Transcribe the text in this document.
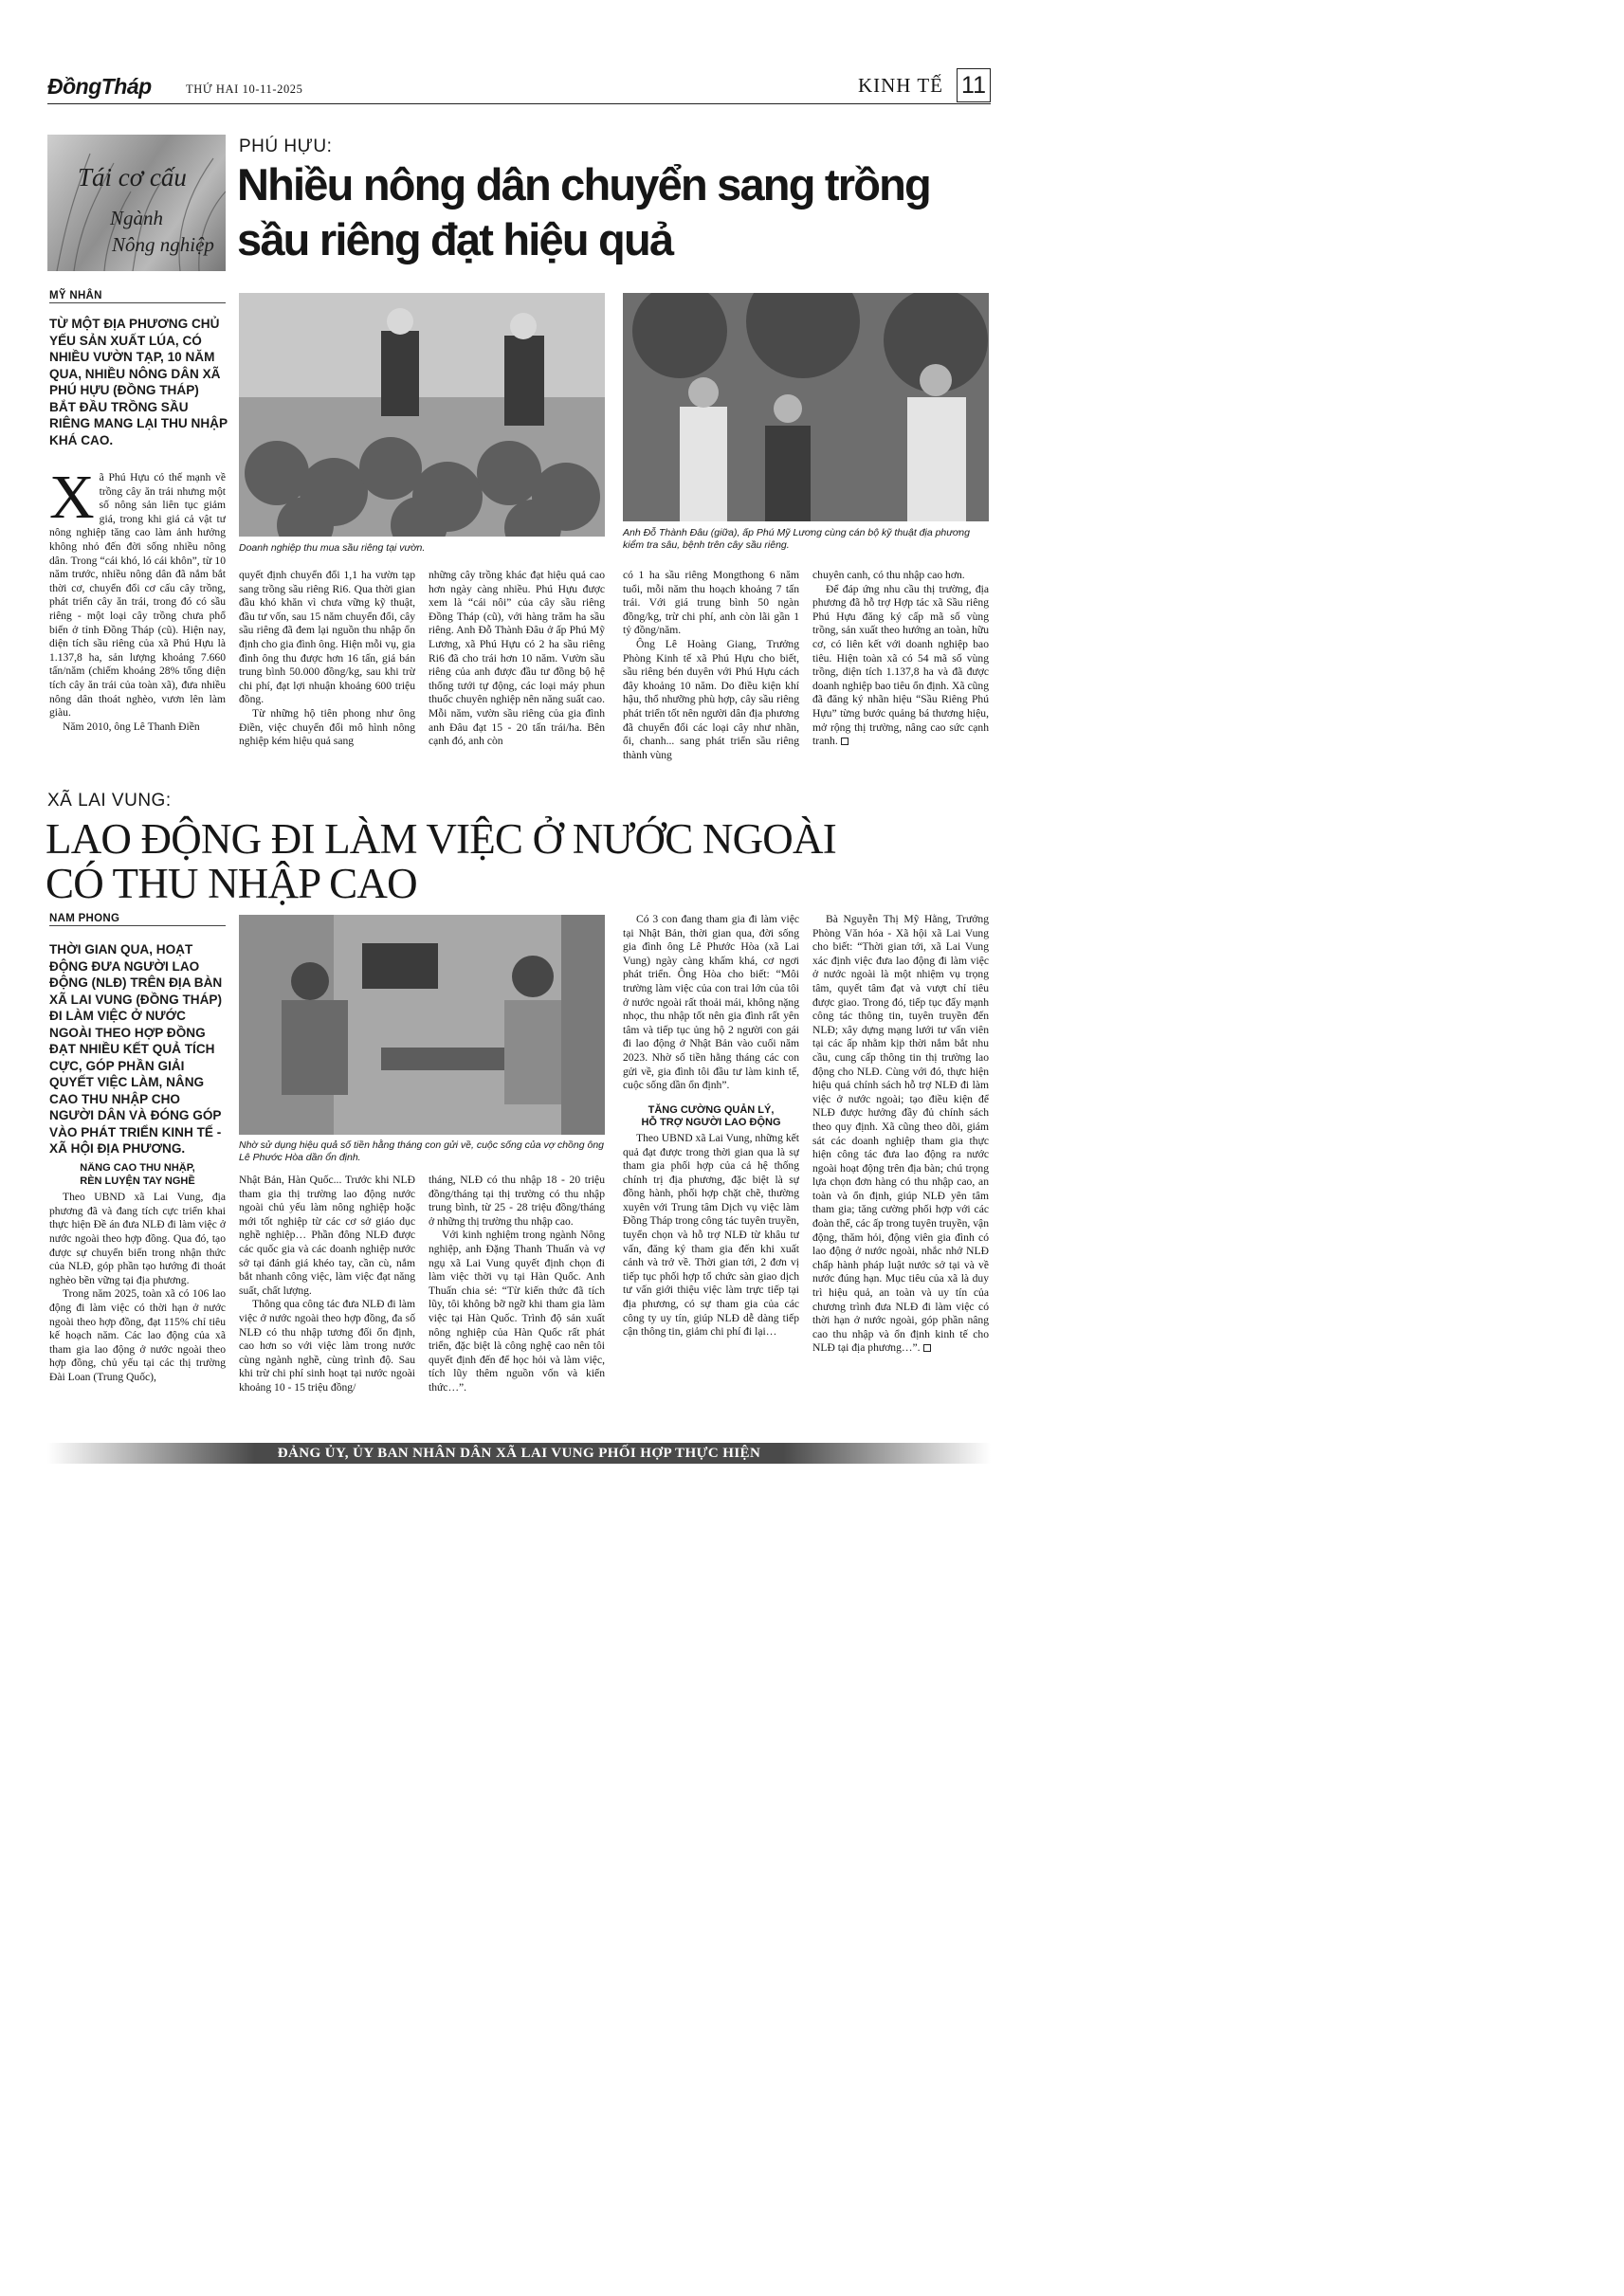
ĐồngTháp	THỨ HAI 10-11-2025	KINH TẾ 11
Tái cơ cấu
Ngành
Nông nghiệp
PHÚ HỰU:
Nhiều nông dân chuyển sang trồng
sầu riêng đạt hiệu quả
MỸ NHÂN
TỪ MỘT ĐỊA PHƯƠNG CHỦ YẾU SẢN XUẤT LÚA, CÓ NHIỀU VƯỜN TẠP, 10 NĂM QUA, NHIỀU NÔNG DÂN XÃ PHÚ HỰU (ĐỒNG THÁP) BẮT ĐẦU TRỒNG SẦU RIÊNG MANG LẠI THU NHẬP KHÁ CAO.
Doanh nghiệp thu mua sầu riêng tại vườn.
Anh Đỗ Thành Đâu (giữa), ấp Phú Mỹ Lương cùng cán bộ kỹ thuật địa phương kiểm tra sâu, bệnh trên cây sầu riêng.

Xã Phú Hựu có thế mạnh về trồng cây ăn trái nhưng một số nông sản liên tục giảm giá, trong khi giá cả vật tư nông nghiệp tăng cao làm ảnh hưởng không nhỏ đến đời sống nhiều nông dân. Trong “cái khó, ló cái khôn”, từ 10 năm trước, nhiều nông dân đã nắm bắt thời cơ, chuyển đổi cơ cấu cây trồng, phát triển cây ăn trái, trong đó có sầu riêng - một loại cây trồng chưa phổ biến ở tỉnh Đồng Tháp (cũ). Hiện nay, diện tích sầu riêng của xã Phú Hựu là 1.137,8 ha, sản lượng khoảng 7.660 tấn/năm (chiếm khoảng 28% tổng diện tích cây ăn trái của toàn xã), đưa nhiều nông dân thoát nghèo, vươn lên làm giàu.

Năm 2010, ông Lê Thanh Điền

quyết định chuyển đổi 1,1 ha vườn tạp sang trồng sầu riêng Ri6. Qua thời gian đầu khó khăn vì chưa vững kỹ thuật, đầu tư vốn, sau 15 năm chuyển đổi, cây sầu riêng đã đem lại nguồn thu nhập ổn định cho gia đình ông. Hiện mỗi vụ, gia đình ông thu được hơn 16 tấn, giá bán trung bình 50.000 đồng/kg, sau khi trừ chi phí, đạt lợi nhuận khoảng 600 triệu đồng.

Từ những hộ tiên phong như ông Điền, việc chuyển đổi mô hình nông nghiệp kém hiệu quả sang

những cây trồng khác đạt hiệu quả cao hơn ngày càng nhiều. Phú Hựu được xem là “cái nôi” của cây sầu riêng Đồng Tháp (cũ), với hàng trăm ha sầu riêng. Anh Đỗ Thành Đâu ở ấp Phú Mỹ Lương, xã Phú Hựu có 2 ha sầu riêng Ri6 đã cho trái hơn 10 năm. Vườn sầu riêng của anh được đầu tư đồng bộ hệ thống tưới tự động, các loại máy phun thuốc chuyên nghiệp nên năng suất cao. Mỗi năm, vườn sầu riêng của gia đình anh Đâu đạt 15 - 20 tấn trái/ha. Bên cạnh đó, anh còn

có 1 ha sầu riêng Mongthong 6 năm tuổi, mỗi năm thu hoạch khoảng 7 tấn trái. Với giá trung bình 50 ngàn đồng/kg, trừ chi phí, anh còn lãi gần 1 tỷ đồng/năm.

Ông Lê Hoàng Giang, Trưởng Phòng Kinh tế xã Phú Hựu cho biết, sầu riêng bén duyên với Phú Hựu cách đây khoảng 10 năm. Do điều kiện khí hậu, thổ nhưỡng phù hợp, cây sầu riêng phát triển tốt nên người dân địa phương đã chuyển đổi các loại cây như nhãn, ổi, chanh... sang phát triển sầu riêng thành vùng

chuyên canh, có thu nhập cao hơn.

Để đáp ứng nhu cầu thị trường, địa phương đã hỗ trợ Hợp tác xã Sầu riêng Phú Hựu đăng ký cấp mã số vùng trồng, sản xuất theo hướng an toàn, hữu cơ, có liên kết với doanh nghiệp bao tiêu. Hiện toàn xã có 54 mã số vùng trồng, diện tích 1.137,8 ha và đã được doanh nghiệp bao tiêu ổn định. Xã cũng đã đăng ký nhãn hiệu “Sầu Riêng Phú Hựu” từng bước quảng bá thương hiệu, mở rộng thị trường, nâng cao sức cạnh tranh.

XÃ LAI VUNG:
LAO ĐỘNG ĐI LÀM VIỆC Ở NƯỚC NGOÀI
CÓ THU NHẬP CAO
NAM PHONG
THỜI GIAN QUA, HOẠT ĐỘNG ĐƯA NGƯỜI LAO ĐỘNG (NLĐ) TRÊN ĐỊA BÀN XÃ LAI VUNG (ĐỒNG THÁP) ĐI LÀM VIỆC Ở NƯỚC NGOÀI THEO HỢP ĐỒNG ĐẠT NHIỀU KẾT QUẢ TÍCH CỰC, GÓP PHẦN GIẢI QUYẾT VIỆC LÀM, NÂNG CAO THU NHẬP CHO NGƯỜI DÂN VÀ ĐÓNG GÓP VÀO PHÁT TRIỂN KINH TẾ - XÃ HỘI ĐỊA PHƯƠNG.	Nhờ sử dụng hiệu quả số tiền hằng tháng con gửi về, cuộc sống của vợ chồng ông Lê Phước Hòa dần ổn định.
NÂNG CAO THU NHẬP,
RÈN LUYỆN TAY NGHỀ

Theo UBND xã Lai Vung, địa phương đã và đang tích cực triển khai thực hiện Đề án đưa NLĐ đi làm việc ở nước ngoài theo hợp đồng. Qua đó, tạo được sự chuyển biến trong nhận thức của NLĐ, góp phần tạo hướng đi thoát nghèo bền vững tại địa phương.

Trong năm 2025, toàn xã có 106 lao động đi làm việc có thời hạn ở nước ngoài theo hợp đồng, đạt 115% chỉ tiêu kế hoạch năm. Các lao động của xã tham gia lao động ở nước ngoài theo hợp đồng, chủ yếu tại các thị trường Đài Loan (Trung Quốc),

Nhật Bản, Hàn Quốc... Trước khi NLĐ tham gia thị trường lao động nước ngoài chủ yếu làm nông nghiệp hoặc mới tốt nghiệp từ các cơ sở giáo dục nghề nghiệp… Phần đông NLĐ được các quốc gia và các doanh nghiệp nước sở tại đánh giá khéo tay, cần cù, nắm bắt nhanh công việc, làm việc đạt năng suất, chất lượng.

Thông qua công tác đưa NLĐ đi làm việc ở nước ngoài theo hợp đồng, đa số NLĐ có thu nhập tương đối ổn định, cao hơn so với việc làm trong nước cùng ngành nghề, cùng trình độ. Sau khi trừ chi phí sinh hoạt tại nước ngoài khoảng 10 - 15 triệu đồng/

tháng, NLĐ có thu nhập 18 - 20 triệu đồng/tháng tại thị trường có thu nhập trung bình, từ 25 - 28 triệu đồng/tháng ở những thị trường thu nhập cao.

Với kinh nghiệm trong ngành Nông nghiệp, anh Đặng Thanh Thuấn và vợ ngụ xã Lai Vung quyết định chọn đi làm việc thời vụ tại Hàn Quốc. Anh Thuấn chia sẻ: “Từ kiến thức đã tích lũy, tôi không bỡ ngỡ khi tham gia làm việc tại Hàn Quốc. Trình độ sản xuất nông nghiệp của Hàn Quốc rất phát triển, đặc biệt là công nghệ cao nên tôi quyết định đến để học hỏi và làm việc, tích lũy thêm nguồn vốn và kiến thức…”.

Có 3 con đang tham gia đi làm việc tại Nhật Bản, thời gian qua, đời sống gia đình ông Lê Phước Hòa (xã Lai Vung) ngày càng khấm khá, cơ ngơi phát triển. Ông Hòa cho biết: “Môi trường làm việc của con trai lớn của tôi ở nước ngoài rất thoải mái, không nặng nhọc, thu nhập tốt nên gia đình rất yên tâm và tiếp tục ủng hộ 2 người con gái đi lao động ở Nhật Bản vào cuối năm 2023. Nhờ số tiền hằng tháng các con gửi về, gia đình tôi đầu tư làm kinh tế, cuộc sống dần ổn định”.

TĂNG CƯỜNG QUẢN LÝ,
HỖ TRỢ NGƯỜI LAO ĐỘNG

Theo UBND xã Lai Vung, những kết quả đạt được trong thời gian qua là sự tham gia phối hợp của cả hệ thống chính trị địa phương, đặc biệt là sự đồng hành, phối hợp chặt chẽ, thường xuyên với Trung tâm Dịch vụ việc làm Đồng Tháp trong công tác tuyên truyền, tuyển chọn và hỗ trợ NLĐ từ khâu tư vấn, đăng ký tham gia đến khi xuất cảnh và trở về. Thời gian tới, 2 đơn vị tiếp tục phối hợp tổ chức sàn giao dịch tư vấn giới thiệu việc làm trực tiếp tại địa phương, có sự tham gia của các công ty uy tín, giúp NLĐ dễ dàng tiếp cận thông tin, giảm chi phí đi lại…

Bà Nguyễn Thị Mỹ Hằng, Trưởng Phòng Văn hóa - Xã hội xã Lai Vung cho biết: “Thời gian tới, xã Lai Vung xác định việc đưa lao động đi làm việc ở nước ngoài là một nhiệm vụ trọng tâm, quyết tâm đạt và vượt chỉ tiêu được giao. Trong đó, tiếp tục đẩy mạnh công tác thông tin, tuyên truyền đến NLĐ; xây dựng mạng lưới tư vấn viên tại các ấp nhằm kịp thời nắm bắt nhu cầu, cung cấp thông tin thị trường lao động cho NLĐ. Cùng với đó, thực hiện hiệu quả chính sách hỗ trợ NLĐ đi làm việc ở nước ngoài; tạo điều kiện để NLĐ được hưởng đầy đủ chính sách theo quy định. Xã cũng theo dõi, giám sát các doanh nghiệp tham gia thực hiện công tác đưa lao động ra nước ngoài hoạt động trên địa bàn; chú trọng lựa chọn đơn hàng có thu nhập cao, an toàn và ổn định, giúp NLĐ yên tâm tham gia; tăng cường phối hợp với các đoàn thể, các ấp trong tuyên truyền, vận động, thăm hỏi, động viên gia đình có lao động ở nước ngoài, nhắc nhở NLĐ chấp hành pháp luật nước sở tại và về nước đúng hạn. Mục tiêu của xã là duy trì hiệu quả, an toàn và uy tín của chương trình đưa NLĐ đi làm việc có thời hạn ở nước ngoài, góp phần nâng cao thu nhập và ổn định kinh tế cho NLĐ tại địa phương…”.

ĐẢNG ỦY, ỦY BAN NHÂN DÂN XÃ LAI VUNG PHỐI HỢP THỰC HIỆN
